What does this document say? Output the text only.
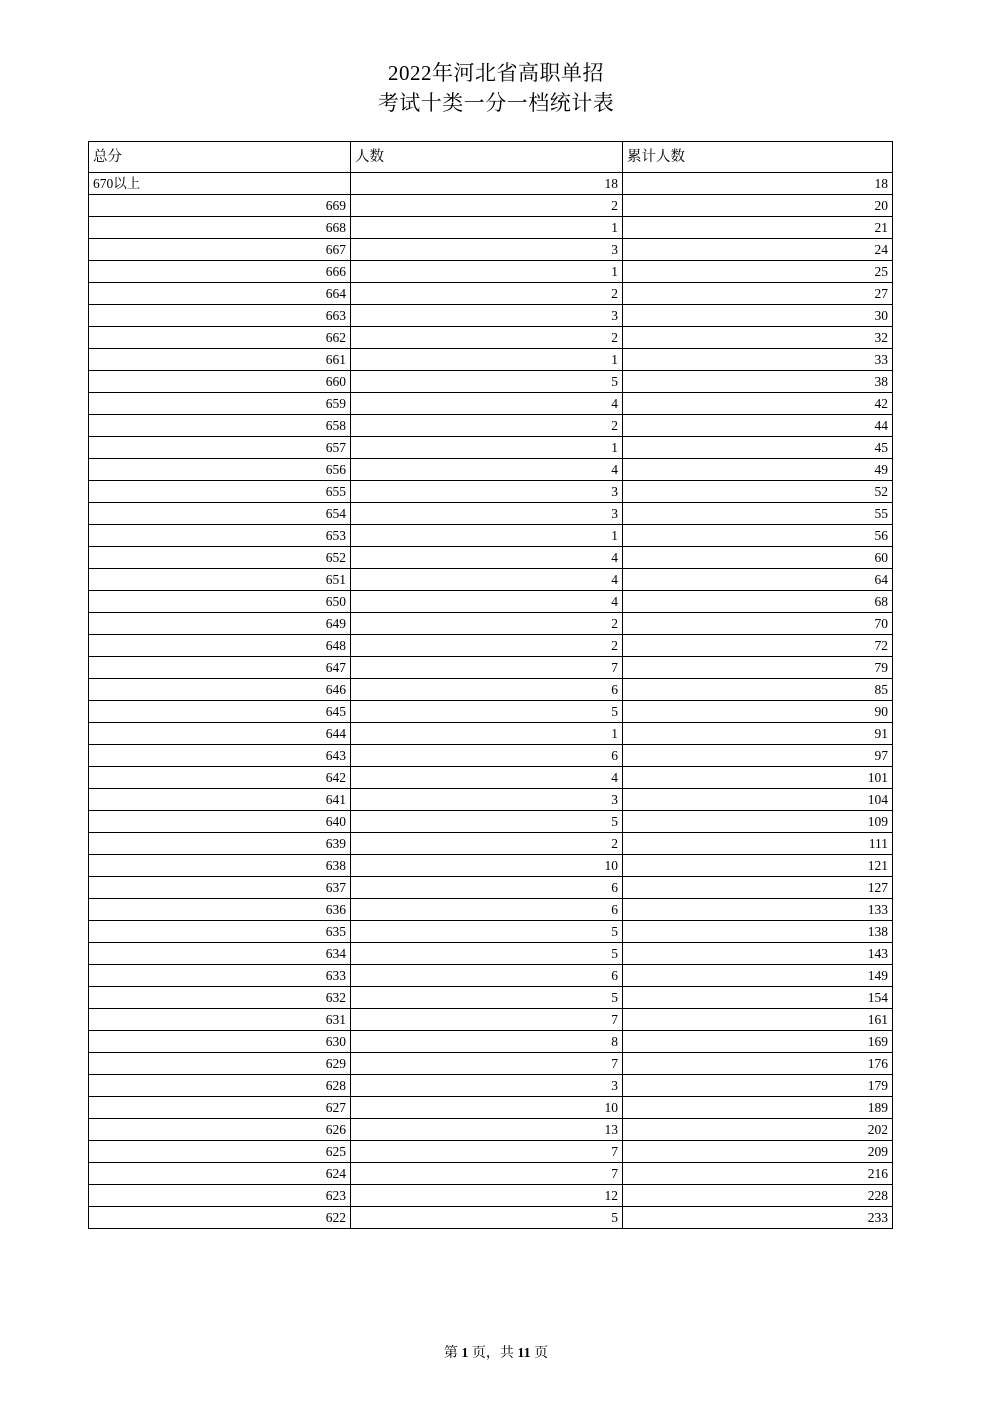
2022年河北省高职单招
考试十类一分一档统计表
总分	人数	累计人数
670以上	18	18
669	2	20
668	1	21
667	3	24
666	1	25
664	2	27
663	3	30
662	2	32
661	1	33
660	5	38
659	4	42
658	2	44
657	1	45
656	4	49
655	3	52
654	3	55
653	1	56
652	4	60
651	4	64
650	4	68
649	2	70
648	2	72
647	7	79
646	6	85
645	5	90
644	1	91
643	6	97
642	4	101
641	3	104
640	5	109
639	2	111
638	10	121
637	6	127
636	6	133
635	5	138
634	5	143
633	6	149
632	5	154
631	7	161
630	8	169
629	7	176
628	3	179
627	10	189
626	13	202
625	7	209
624	7	216
623	12	228
622	5	233
第 1 页，共 11 页
